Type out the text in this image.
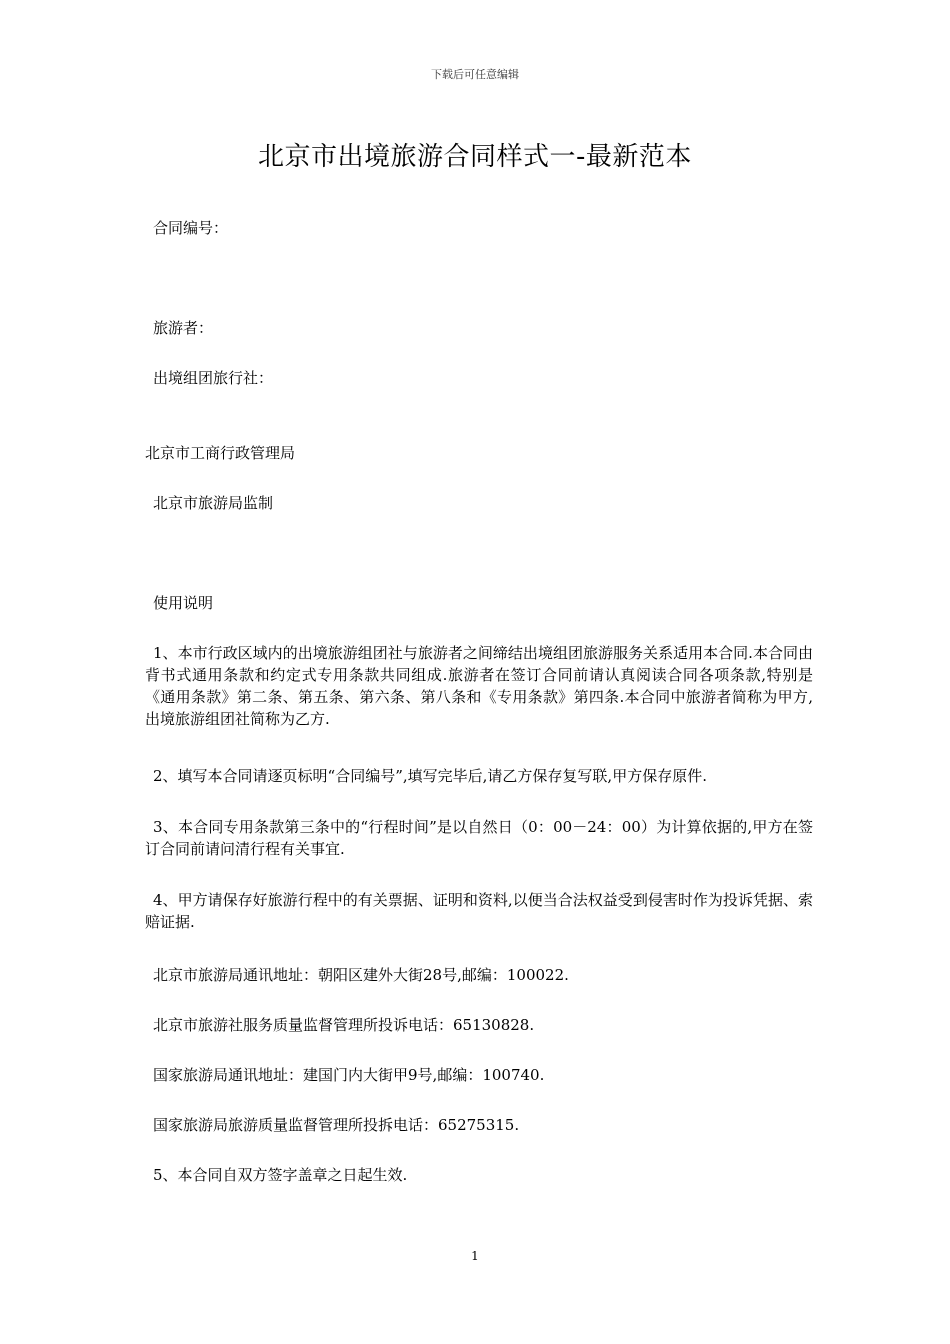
下载后可任意编辑
北京市出境旅游合同样式一-最新范本
合同编号：
旅游者：
出境组团旅行社：
北京市工商行政管理局
北京市旅游局监制
使用说明
1、本市行政区域内的出境旅游组团社与旅游者之间缔结出境组团旅游服务关系适用本合同.本合同由背书式通用条款和约定式专用条款共同组成.旅游者在签订合同前请认真阅读合同各项条款,特别是《通用条款》第二条、第五条、第六条、第八条和《专用条款》第四条.本合同中旅游者简称为甲方,出境旅游组团社简称为乙方.
2、填写本合同请逐页标明“合同编号”,填写完毕后,请乙方保存复写联,甲方保存原件.
3、本合同专用条款第三条中的“行程时间”是以自然日（0：00－24：00）为计算依据的,甲方在签订合同前请问清行程有关事宜.
4、甲方请保存好旅游行程中的有关票据、证明和资料,以便当合法权益受到侵害时作为投诉凭据、索赔证据.
北京市旅游局通讯地址：朝阳区建外大街28号,邮编：100022.
北京市旅游社服务质量监督管理所投诉电话：65130828.
国家旅游局通讯地址：建国门内大街甲9号,邮编：100740.
国家旅游局旅游质量监督管理所投拆电话：65275315.
5、本合同自双方签字盖章之日起生效.
1
